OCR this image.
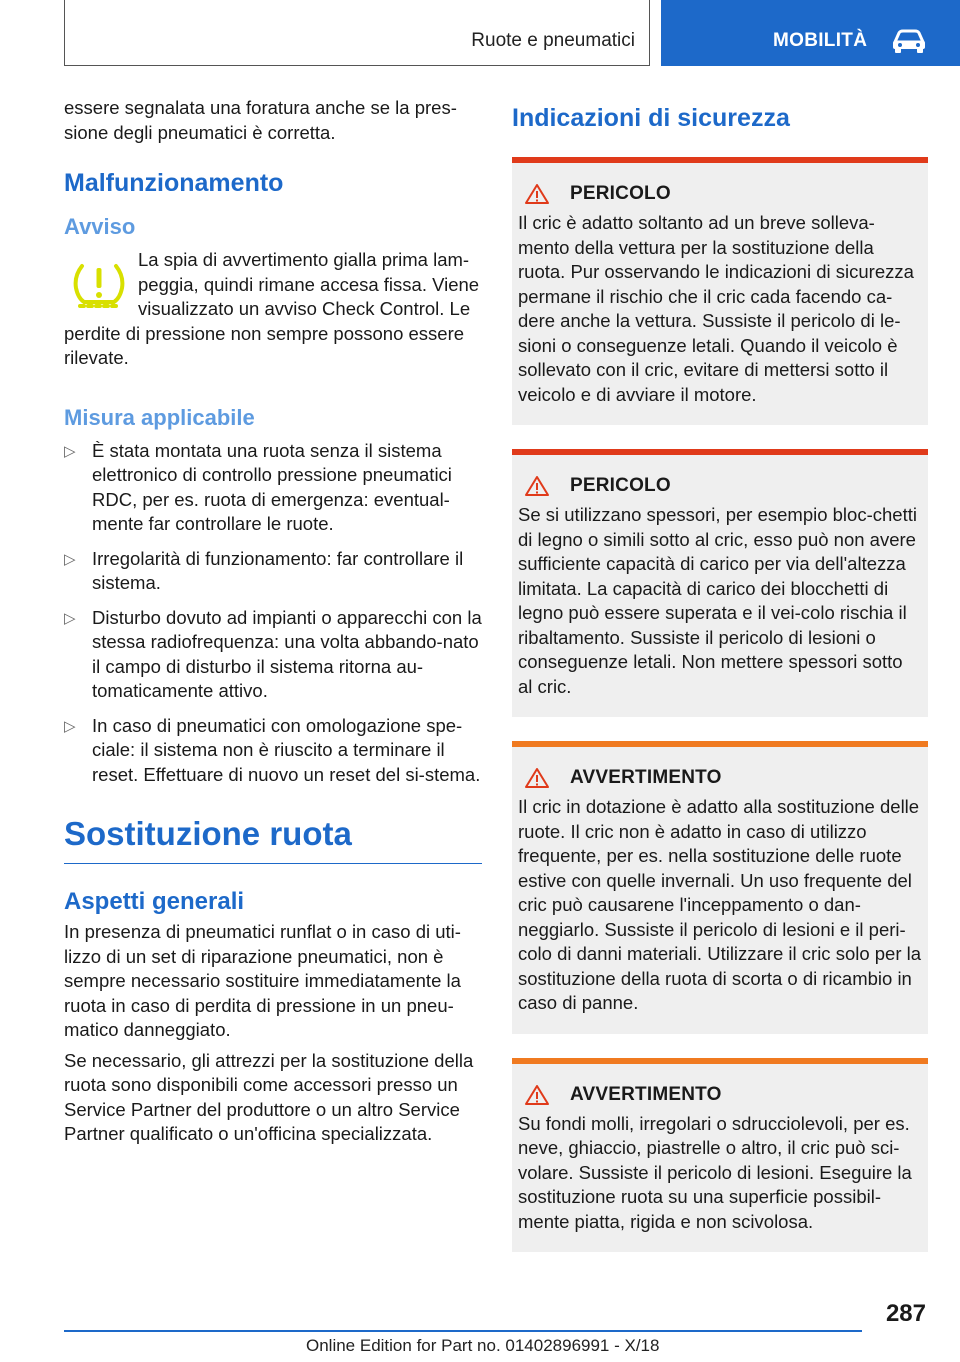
Ruote e pneumatici	MOBILITÀ

essere segnalata una foratura anche se la pres-sione degli pneumatici è corretta.

Malfunzionamento
Avviso

La spia di avvertimento gialla prima lam-peggia, quindi rimane accesa fissa. Viene visualizzato un avviso Check Control. Le perdite di pressione non sempre possono essere rilevate.

Misura applicabile
▷ È stata montata una ruota senza il sistema elettronico di controllo pressione pneumatici RDC, per es. ruota di emergenza: eventual-mente far controllare le ruote.
▷ Irregolarità di funzionamento: far controllare il sistema.
▷ Disturbo dovuto ad impianti o apparecchi con la stessa radiofrequenza: una volta abbando-nato il campo di disturbo il sistema ritorna au-tomaticamente attivo.
▷ In caso di pneumatici con omologazione spe-ciale: il sistema non è riuscito a terminare il reset. Effettuare di nuovo un reset del si-stema.
Sostituzione ruota
Aspetti generali

In presenza di pneumatici runflat o in caso di uti-lizzo di un set di riparazione pneumatici, non è sempre necessario sostituire immediatamente la ruota in caso di perdita di pressione in un pneu-matico danneggiato.

Se necessario, gli attrezzi per la sostituzione della ruota sono disponibili come accessori presso un Service Partner del produttore o un altro Service Partner qualificato o un'officina specializzata.

Indicazioni di sicurezza
PERICOLO

Il cric è adatto soltanto ad un breve solleva-mento della vettura per la sostituzione della ruota. Pur osservando le indicazioni di sicurezza permane il rischio che il cric cada facendo ca-dere anche la vettura. Sussiste il pericolo di le-sioni o conseguenze letali. Quando il veicolo è sollevato con il cric, evitare di mettersi sotto il veicolo e di avviare il motore.

PERICOLO

Se si utilizzano spessori, per esempio bloc-chetti di legno o simili sotto al cric, esso può non avere sufficiente capacità di carico per via dell'altezza limitata. La capacità di carico dei blocchetti di legno può essere superata e il vei-colo rischia il ribaltamento. Sussiste il pericolo di lesioni o conseguenze letali. Non mettere spessori sotto al cric.

AVVERTIMENTO

Il cric in dotazione è adatto alla sostituzione delle ruote. Il cric non è adatto in caso di utilizzo frequente, per es. nella sostituzione delle ruote estive con quelle invernali. Un uso frequente del cric può causarene l'inceppamento o dan-neggiarlo. Sussiste il pericolo di lesioni e il peri-colo di danni materiali. Utilizzare il cric solo per la sostituzione della ruota di scorta o di ricambio in caso di panne.

AVVERTIMENTO

Su fondi molli, irregolari o sdrucciolevoli, per es. neve, ghiaccio, piastrelle o altro, il cric può sci-volare. Sussiste il pericolo di lesioni. Eseguire la sostituzione ruota su una superficie possibil-mente piatta, rigida e non scivolosa.

287
Online Edition for Part no. 01402896991 - X/18
